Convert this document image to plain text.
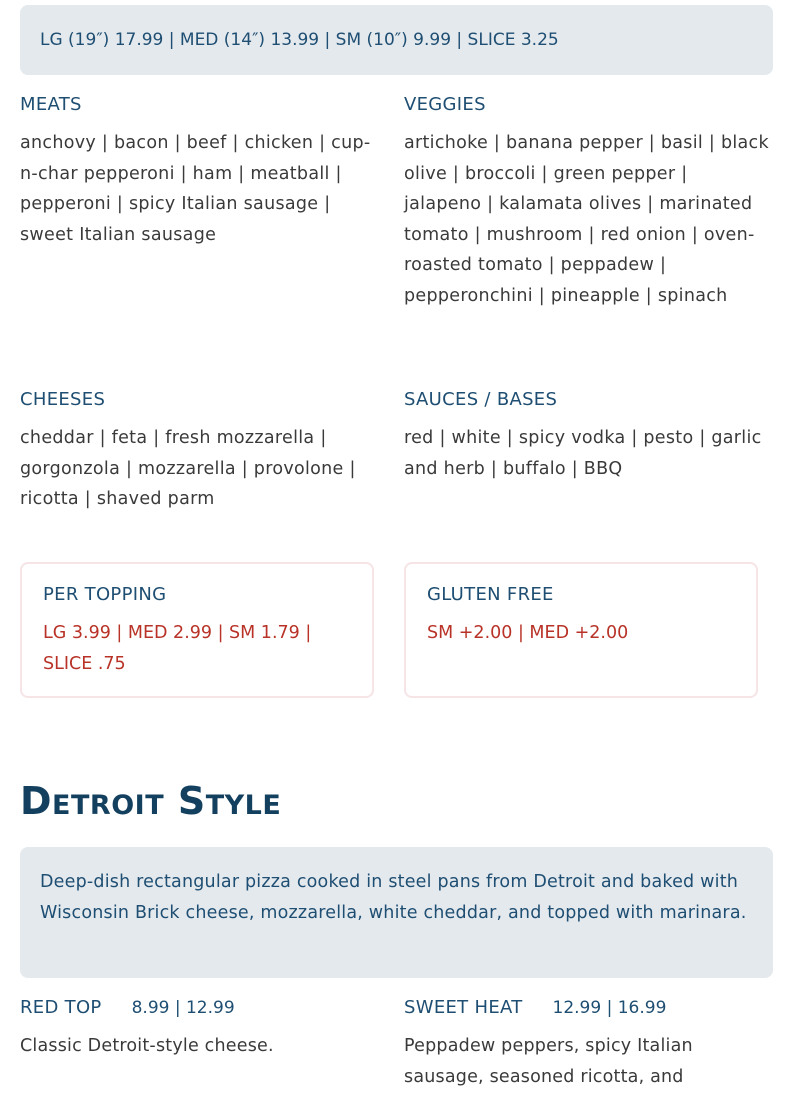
LG (19″) 17.99 | MED (14″) 13.99 | SM (10″) 9.99 | SLICE 3.25
MEATS

anchovy | bacon | beef | chicken | cup-n-char pepperoni | ham | meatball | pepperoni | spicy Italian sausage | sweet Italian sausage

VEGGIES

artichoke | banana pepper | basil | black olive | broccoli | green pepper | jalapeno | kalamata olives | marinated tomato | mushroom | red onion | oven-roasted tomato | peppadew | pepperonchini | pineapple | spinach

CHEESES

cheddar | feta | fresh mozzarella | gorgonzola | mozzarella | provolone | ricotta | shaved parm

SAUCES / BASES

red | white | spicy vodka | pesto | garlic and herb | buffalo | BBQ

PER TOPPING

LG 3.99 | MED 2.99 | SM 1.79 | SLICE .75

GLUTEN FREE

SM +2.00 | MED +2.00

Detroit Style
Deep-dish rectangular pizza cooked in steel pans from Detroit and baked with Wisconsin Brick cheese, mozzarella, white cheddar, and topped with marinara.
RED TOP 8.99 | 12.99

Classic Detroit-style cheese.

SWEET HEAT 12.99 | 16.99

Peppadew peppers, spicy Italian sausage, seasoned ricotta, and
